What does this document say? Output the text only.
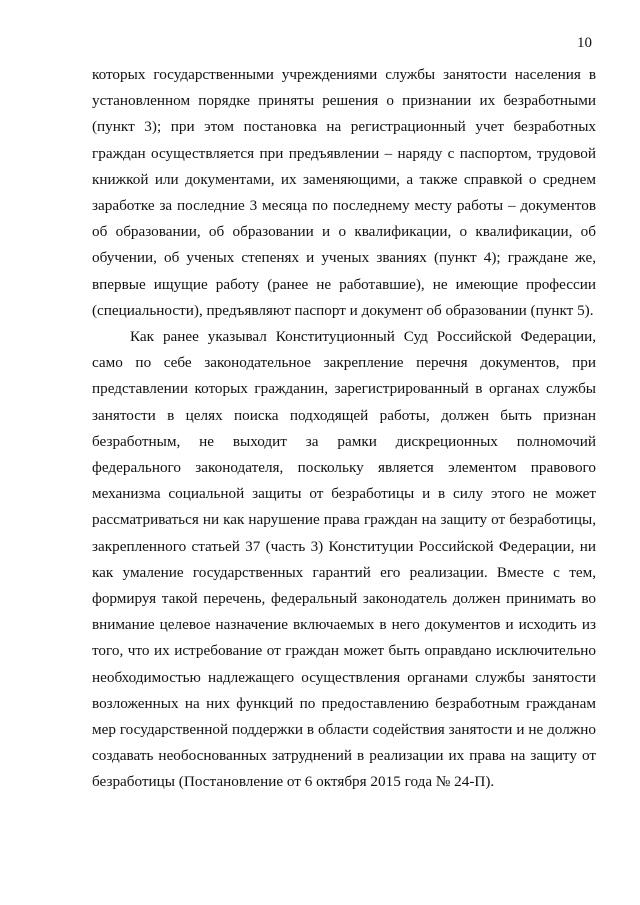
10

которых государственными учреждениями службы занятости населения в установленном порядке приняты решения о признании их безработными (пункт 3); при этом постановка на регистрационный учет безработных граждан осуществляется при предъявлении – наряду с паспортом, трудовой книжкой или документами, их заменяющими, а также справкой о среднем заработке за последние 3 месяца по последнему месту работы – документов об образовании, об образовании и о квалификации, о квалификации, об обучении, об ученых степенях и ученых званиях (пункт 4); граждане же, впервые ищущие работу (ранее не работавшие), не имеющие профессии (специальности), предъявляют паспорт и документ об образовании (пункт 5).

Как ранее указывал Конституционный Суд Российской Федерации, само по себе законодательное закрепление перечня документов, при представлении которых гражданин, зарегистрированный в органах службы занятости в целях поиска подходящей работы, должен быть признан безработным, не выходит за рамки дискреционных полномочий федерального законодателя, поскольку является элементом правового механизма социальной защиты от безработицы и в силу этого не может рассматриваться ни как нарушение права граждан на защиту от безработицы, закрепленного статьей 37 (часть 3) Конституции Российской Федерации, ни как умаление государственных гарантий его реализации. Вместе с тем, формируя такой перечень, федеральный законодатель должен принимать во внимание целевое назначение включаемых в него документов и исходить из того, что их истребование от граждан может быть оправдано исключительно необходимостью надлежащего осуществления органами службы занятости возложенных на них функций по предоставлению безработным гражданам мер государственной поддержки в области содействия занятости и не должно создавать необоснованных затруднений в реализации их права на защиту от безработицы (Постановление от 6 октября 2015 года № 24-П).
